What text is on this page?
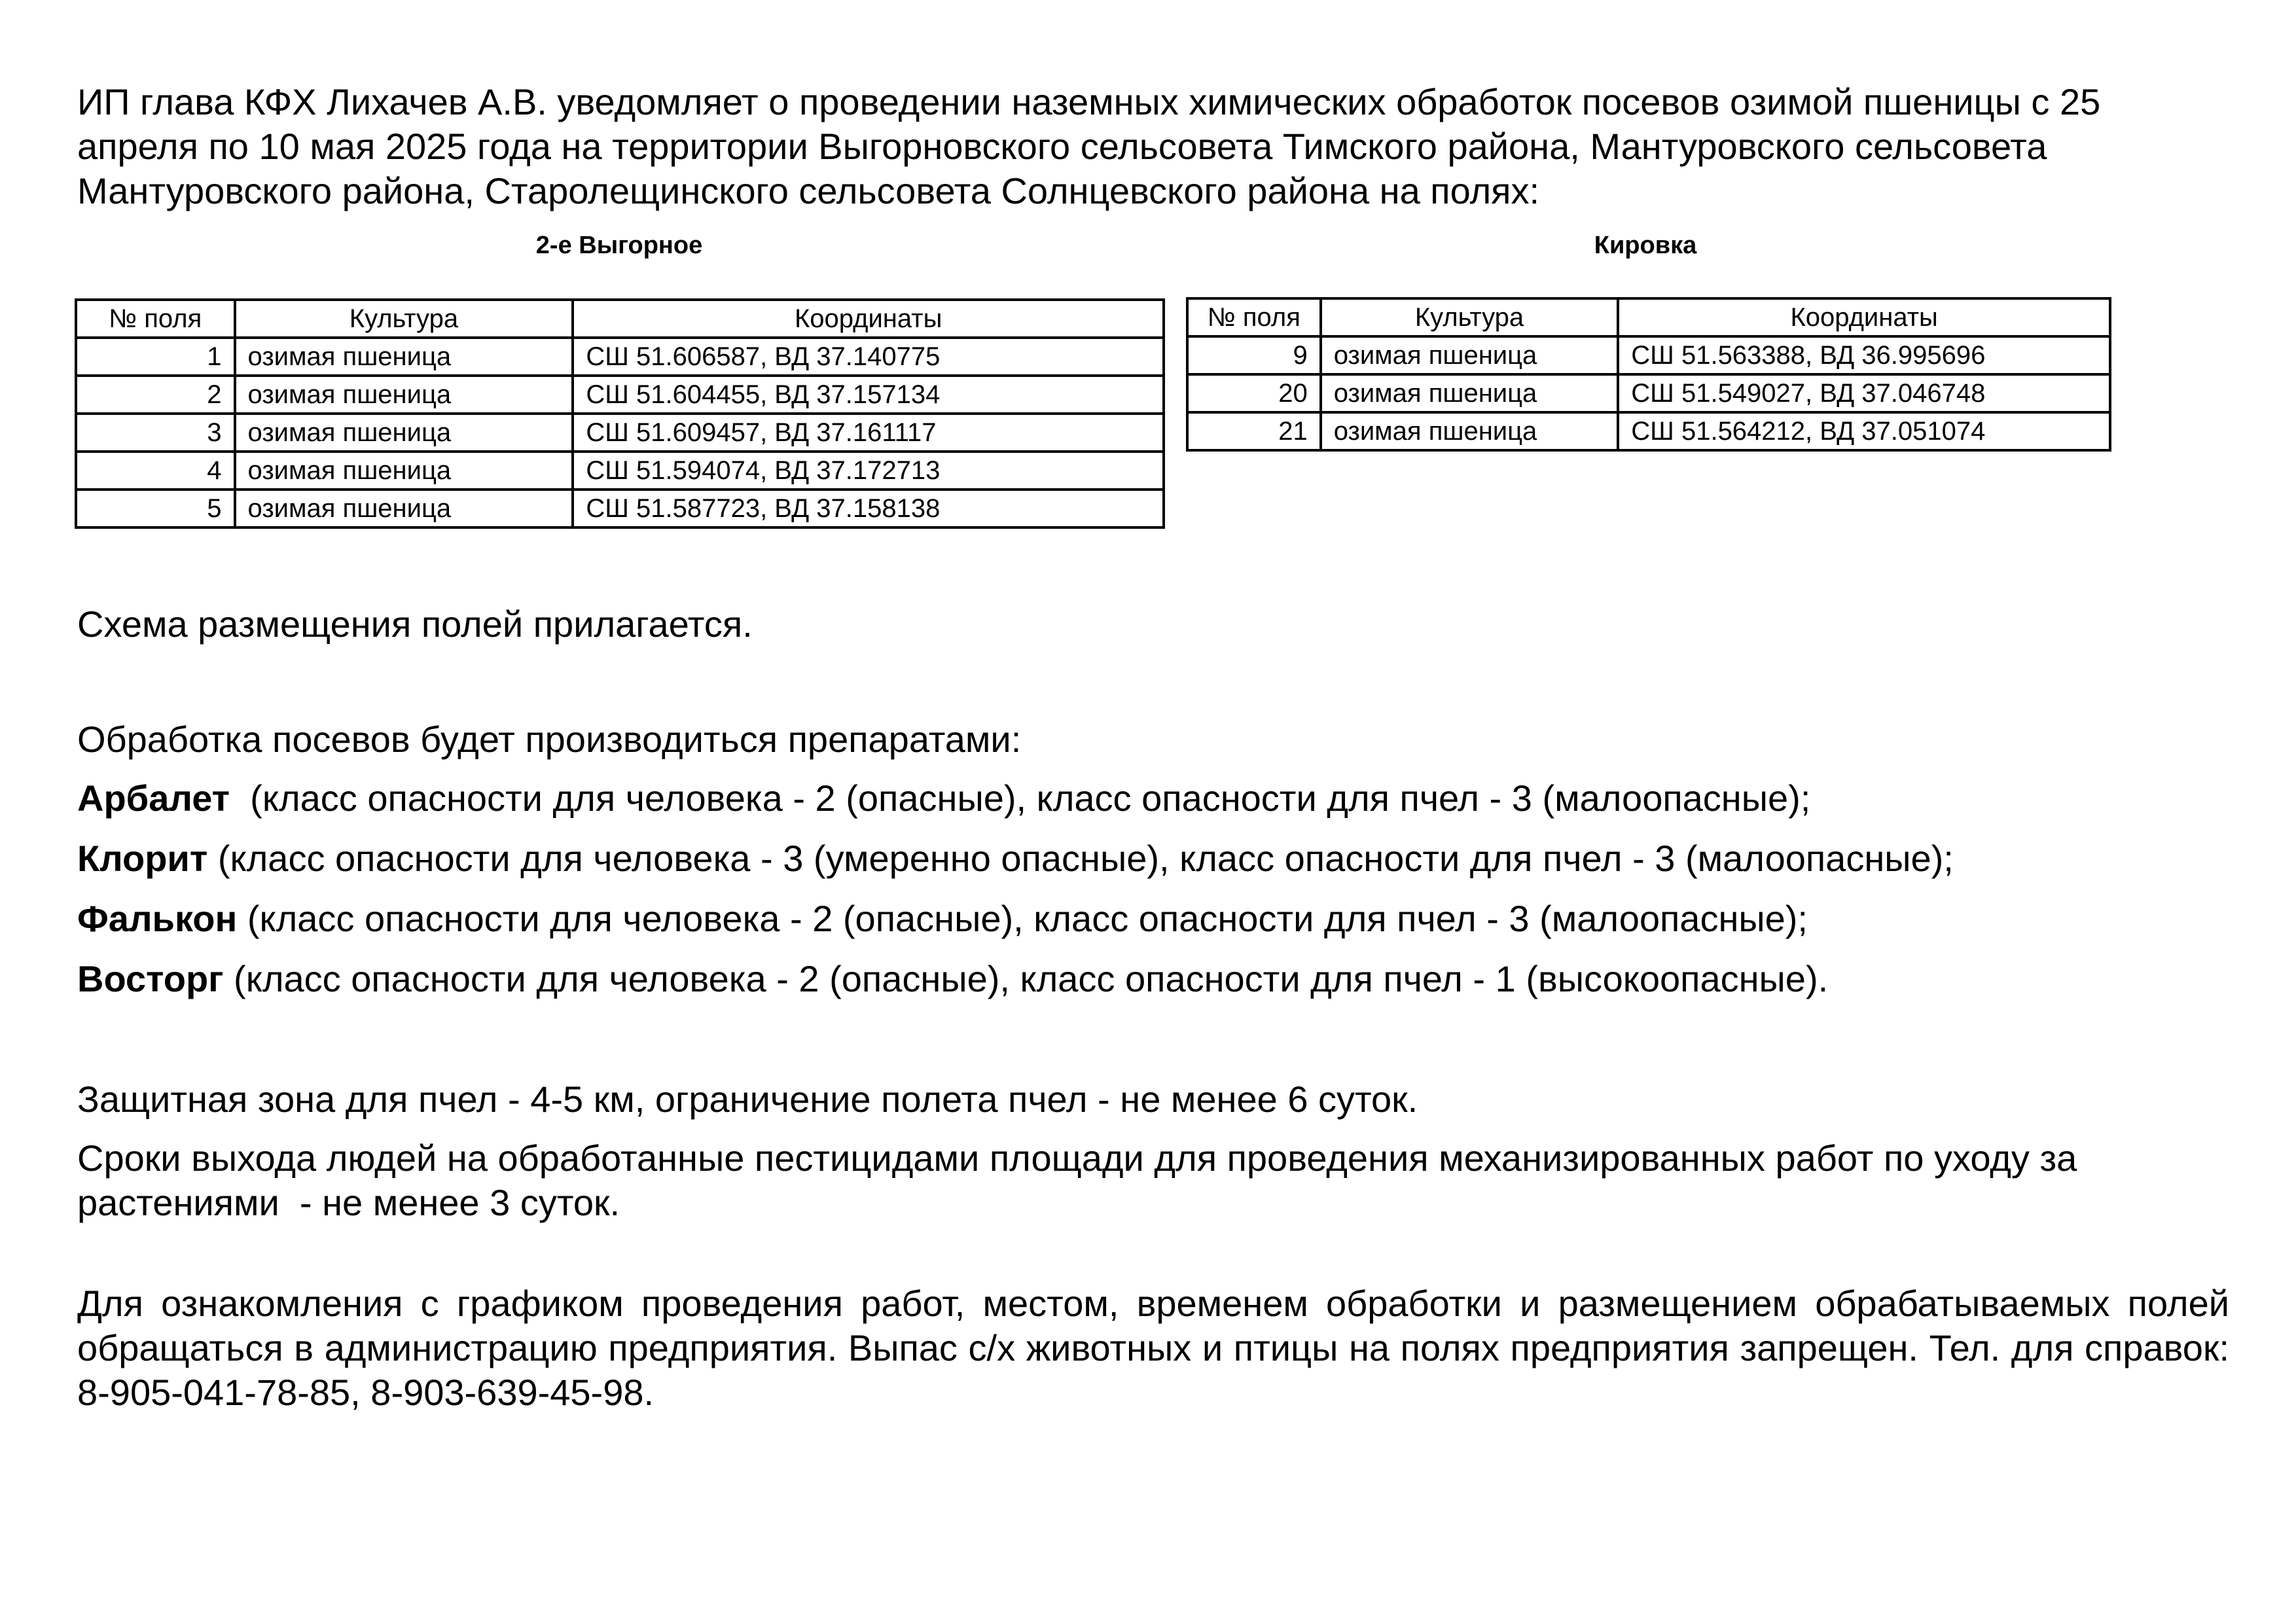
ИП глава КФХ Лихачев А.В. уведомляет о проведении наземных химических обработок посевов озимой пшеницы с 25 апреля по 10 мая 2025 года на территории Выгорновского сельсовета Тимского района, Мантуровского сельсовета Мантуровского района, Старолещинского сельсовета Солнцевского района на полях:

2-е Выгорное	Кировка
№ поля	Культура	Координаты
1	озимая пшеница	СШ 51.606587, ВД 37.140775
2	озимая пшеница	СШ 51.604455, ВД 37.157134
3	озимая пшеница	СШ 51.609457, ВД 37.161117
4	озимая пшеница	СШ 51.594074, ВД 37.172713
5	озимая пшеница	СШ 51.587723, ВД 37.158138
№ поля	Культура	Координаты
9	озимая пшеница	СШ 51.563388, ВД 36.995696
20	озимая пшеница	СШ 51.549027, ВД 37.046748
21	озимая пшеница	СШ 51.564212, ВД 37.051074

Схема размещения полей прилагается.

Обработка посевов будет производиться препаратами:

Арбалет  (класс опасности для человека - 2 (опасные), класс опасности для пчел - 3 (малоопасные);

Клорит (класс опасности для человека - 3 (умеренно опасные), класс опасности для пчел - 3 (малоопасные);

Фалькон (класс опасности для человека - 2 (опасные), класс опасности для пчел - 3 (малоопасные);

Восторг (класс опасности для человека - 2 (опасные), класс опасности для пчел - 1 (высокоопасные).

Защитная зона для пчел - 4-5 км, ограничение полета пчел - не менее 6 суток.

Сроки выхода людей на обработанные пестицидами площади для проведения механизированных работ по уходу за растениями  - не менее 3 суток.

Для ознакомления с графиком проведения работ, местом, временем обработки и размещением обрабатываемых полей обращаться в администрацию предприятия. Выпас с/х животных и птицы на полях предприятия запрещен. Тел. для справок: 8-905-041-78-85, 8-903-639-45-98.
